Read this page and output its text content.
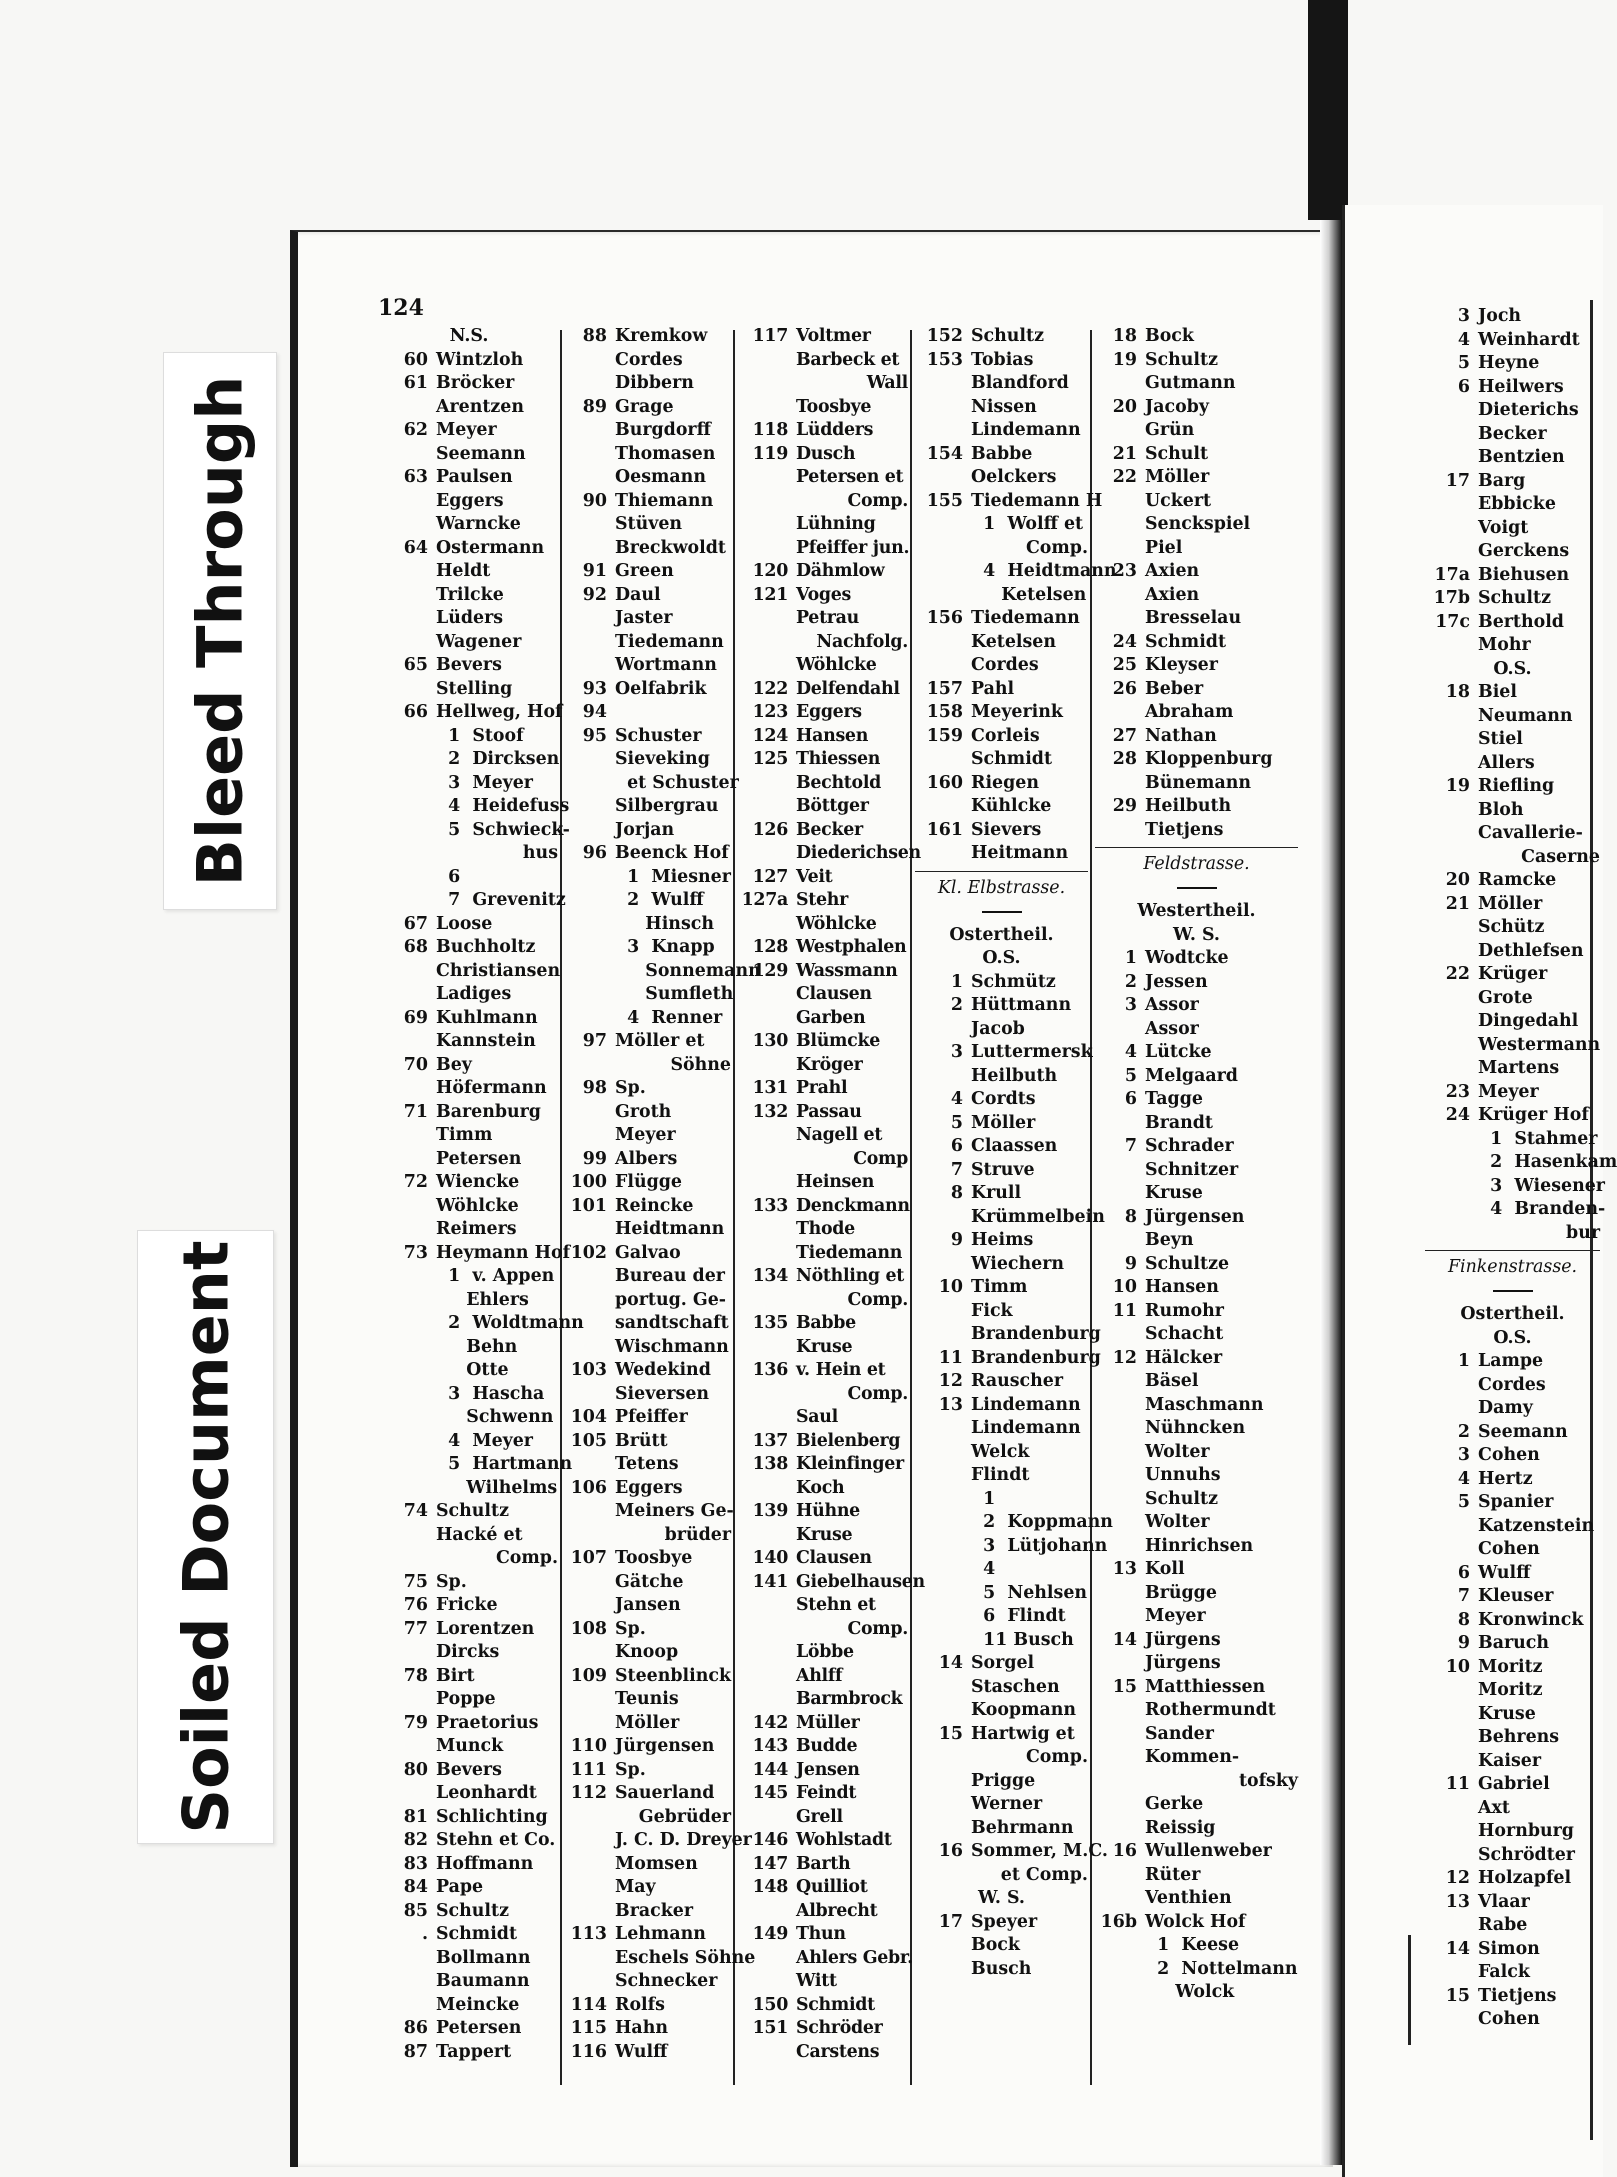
124
N.S.
60 Wintzloh
61 Bröcker
Arentzen
62 Meyer
Seemann
63 Paulsen
Eggers
Warncke
64 Ostermann
Heldt
Trilcke
Lüders
Wagener
65 Bevers
Stelling
66 Hellweg, Hof
1  Stoof
2  Dircksen
3  Meyer
4  Heidefuss
5  Schwieck-
hus
6
7  Grevenitz
67 Loose
68 Buchholtz
Christiansen
Ladiges
69 Kuhlmann
Kannstein
70 Bey
Höfermann
71 Barenburg
Timm
Petersen
72 Wiencke
Wöhlcke
Reimers
73 Heymann Hof
1  v. Appen
Ehlers
2  Woldtmann
Behn
Otte
3  Hascha
Schwenn
4  Meyer
5  Hartmann
Wilhelms
74 Schultz
Hacké et
Comp.
75 Sp.
76 Fricke
77 Lorentzen
Dircks
78 Birt
Poppe
79 Praetorius
Munck
80 Bevers
Leonhardt
81 Schlichting
82 Stehn et Co.
83 Hoffmann
84 Pape
85 Schultz
. Schmidt
Bollmann
Baumann
Meincke
86 Petersen
87 Tappert
88 Kremkow
Cordes
Dibbern
89 Grage
Burgdorff
Thomasen
Oesmann
90 Thiemann
Stüven
Breckwoldt
91 Green
92 Daul
Jaster
Tiedemann
Wortmann
93 Oelfabrik
94
95 Schuster
Sieveking
et Schuster
Silbergrau
Jorjan
96 Beenck Hof
1  Miesner
2  Wulff
Hinsch
3  Knapp
Sonnemann
Sumfleth
4  Renner
97 Möller et
Söhne
98 Sp.
Groth
Meyer
99 Albers
100 Flügge
101 Reincke
Heidtmann
102 Galvao
Bureau der
portug. Ge-
sandtschaft
Wischmann
103 Wedekind
Sieversen
104 Pfeiffer
105 Brütt
Tetens
106 Eggers
Meiners Ge-
brüder
107 Toosbye
Gätche
Jansen
108 Sp.
Knoop
109 Steenblinck
Teunis
Möller
110 Jürgensen
111 Sp.
112 Sauerland
Gebrüder
J. C. D. Dreyer
Momsen
May
Bracker
113 Lehmann
Eschels Söhne
Schnecker
114 Rolfs
115 Hahn
116 Wulff
117 Voltmer
Barbeck et
Wall
Toosbye
118 Lüdders
119 Dusch
Petersen et
Comp.
Lühning
Pfeiffer jun.
120 Dähmlow
121 Voges
Petrau
Nachfolg.
Wöhlcke
122 Delfendahl
123 Eggers
124 Hansen
125 Thiessen
Bechtold
Böttger
126 Becker
Diederichsen
127 Veit
127a Stehr
Wöhlcke
128 Westphalen
129 Wassmann
Clausen
Garben
130 Blümcke
Kröger
131 Prahl
132 Passau
Nagell et
Comp
Heinsen
133 Denckmann
Thode
Tiedemann
134 Nöthling et
Comp.
135 Babbe
Kruse
136 v. Hein et
Comp.
Saul
137 Bielenberg
138 Kleinfinger
Koch
139 Hühne
Kruse
140 Clausen
141 Giebelhausen
Stehn et
Comp.
Löbbe
Ahlff
Barmbrock
142 Müller
143 Budde
144 Jensen
145 Feindt
Grell
146 Wohlstadt
147 Barth
148 Quilliot
Albrecht
149 Thun
Ahlers Gebr.
Witt
150 Schmidt
151 Schröder
Carstens
152 Schultz
153 Tobias
Blandford
Nissen
Lindemann
154 Babbe
Oelckers
155 Tiedemann H
1  Wolff et
Comp.
4  Heidtmann
Ketelsen
156 Tiedemann
Ketelsen
Cordes
157 Pahl
158 Meyerink
159 Corleis
Schmidt
160 Riegen
Kühlcke
161 Sievers
Heitmann
Kl. Elbstrasse.
Ostertheil.
O.S.
1 Schmütz
2 Hüttmann
Jacob
3 Luttermersk
Heilbuth
4 Cordts
5 Möller
6 Claassen
7 Struve
8 Krull
Krümmelbein
9 Heims
Wiechern
10 Timm
Fick
Brandenburg
11 Brandenburg
12 Rauscher
13 Lindemann
Lindemann
Welck
Flindt
1
2  Koppmann
3  Lütjohann
4
5  Nehlsen
6  Flindt
11 Busch
14 Sorgel
Staschen
Koopmann
15 Hartwig et
Comp.
Prigge
Werner
Behrmann
16 Sommer, M.C.
et Comp.
W. S.
17 Speyer
Bock
Busch
18 Bock
19 Schultz
Gutmann
20 Jacoby
Grün
21 Schult
22 Möller
Uckert
Senckspiel
Piel
23 Axien
Axien
Bresselau
24 Schmidt
25 Kleyser
26 Beber
Abraham
27 Nathan
28 Kloppenburg
Bünemann
29 Heilbuth
Tietjens
Feldstrasse.
Westertheil.
W. S.
1 Wodtcke
2 Jessen
3 Assor
Assor
4 Lütcke
5 Melgaard
6 Tagge
Brandt
7 Schrader
Schnitzer
Kruse
8 Jürgensen
Beyn
9 Schultze
10 Hansen
11 Rumohr
Schacht
12 Hälcker
Bäsel
Maschmann
Nühncken
Wolter
Unnuhs
Schultz
Wolter
Hinrichsen
13 Koll
Brügge
Meyer
14 Jürgens
Jürgens
15 Matthiessen
Rothermundt
Sander
Kommen-
tofsky
Gerke
Reissig
16 Wullenweber
Rüter
Venthien
16b Wolck Hof
1  Keese
2  Nottelmann
Wolck
3 Joch
4 Weinhardt
5 Heyne
6 Heilwers
Dieterichs
Becker
Bentzien
17 Barg
Ebbicke
Voigt
Gerckens
17a Biehusen
17b Schultz
17c Berthold
Mohr
O.S.
18 Biel
Neumann
Stiel
Allers
19 Riefling
Bloh
Cavallerie-
Caserne
20 Ramcke
21 Möller
Schütz
Dethlefsen
22 Krüger
Grote
Dingedahl
Westermann
Martens
23 Meyer
24 Krüger Hof
1  Stahmer
2  Hasenkam
3  Wiesener
4  Branden-
bur
Finkenstrasse.
Ostertheil.
O.S.
1 Lampe
Cordes
Damy
2 Seemann
3 Cohen
4 Hertz
5 Spanier
Katzenstein
Cohen
6 Wulff
7 Kleuser
8 Kronwinck
9 Baruch
10 Moritz
Moritz
Kruse
Behrens
Kaiser
11 Gabriel
Axt
Hornburg
Schrödter
12 Holzapfel
13 Vlaar
Rabe
14 Simon
Falck
15 Tietjens
Cohen
Bleed Through
Soiled Document
